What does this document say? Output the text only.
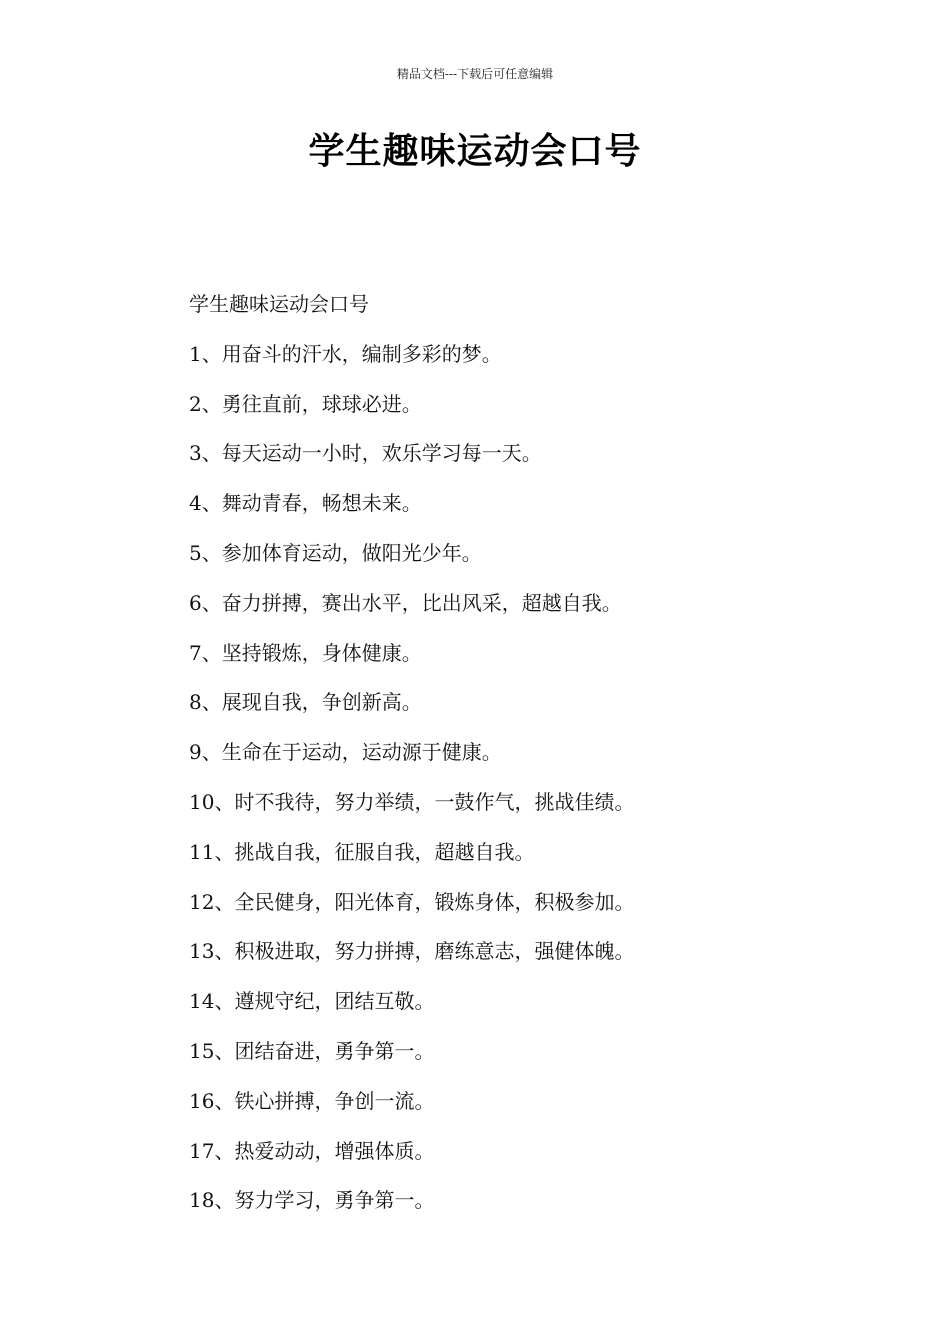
精品文档---下载后可任意编辑
学生趣味运动会口号
学生趣味运动会口号
1、用奋斗的汗水，编制多彩的梦。
2、勇往直前，球球必进。
3、每天运动一小时，欢乐学习每一天。
4、舞动青春，畅想未来。
5、参加体育运动，做阳光少年。
6、奋力拼搏，赛出水平，比出风采，超越自我。
7、坚持锻炼，身体健康。
8、展现自我，争创新高。
9、生命在于运动，运动源于健康。
10、时不我待，努力举绩，一鼓作气，挑战佳绩。
11、挑战自我，征服自我，超越自我。
12、全民健身，阳光体育，锻炼身体，积极参加。
13、积极进取，努力拼搏，磨练意志，强健体魄。
14、遵规守纪，团结互敬。
15、团结奋进，勇争第一。
16、铁心拼搏，争创一流。
17、热爱动动，增强体质。
18、努力学习，勇争第一。
